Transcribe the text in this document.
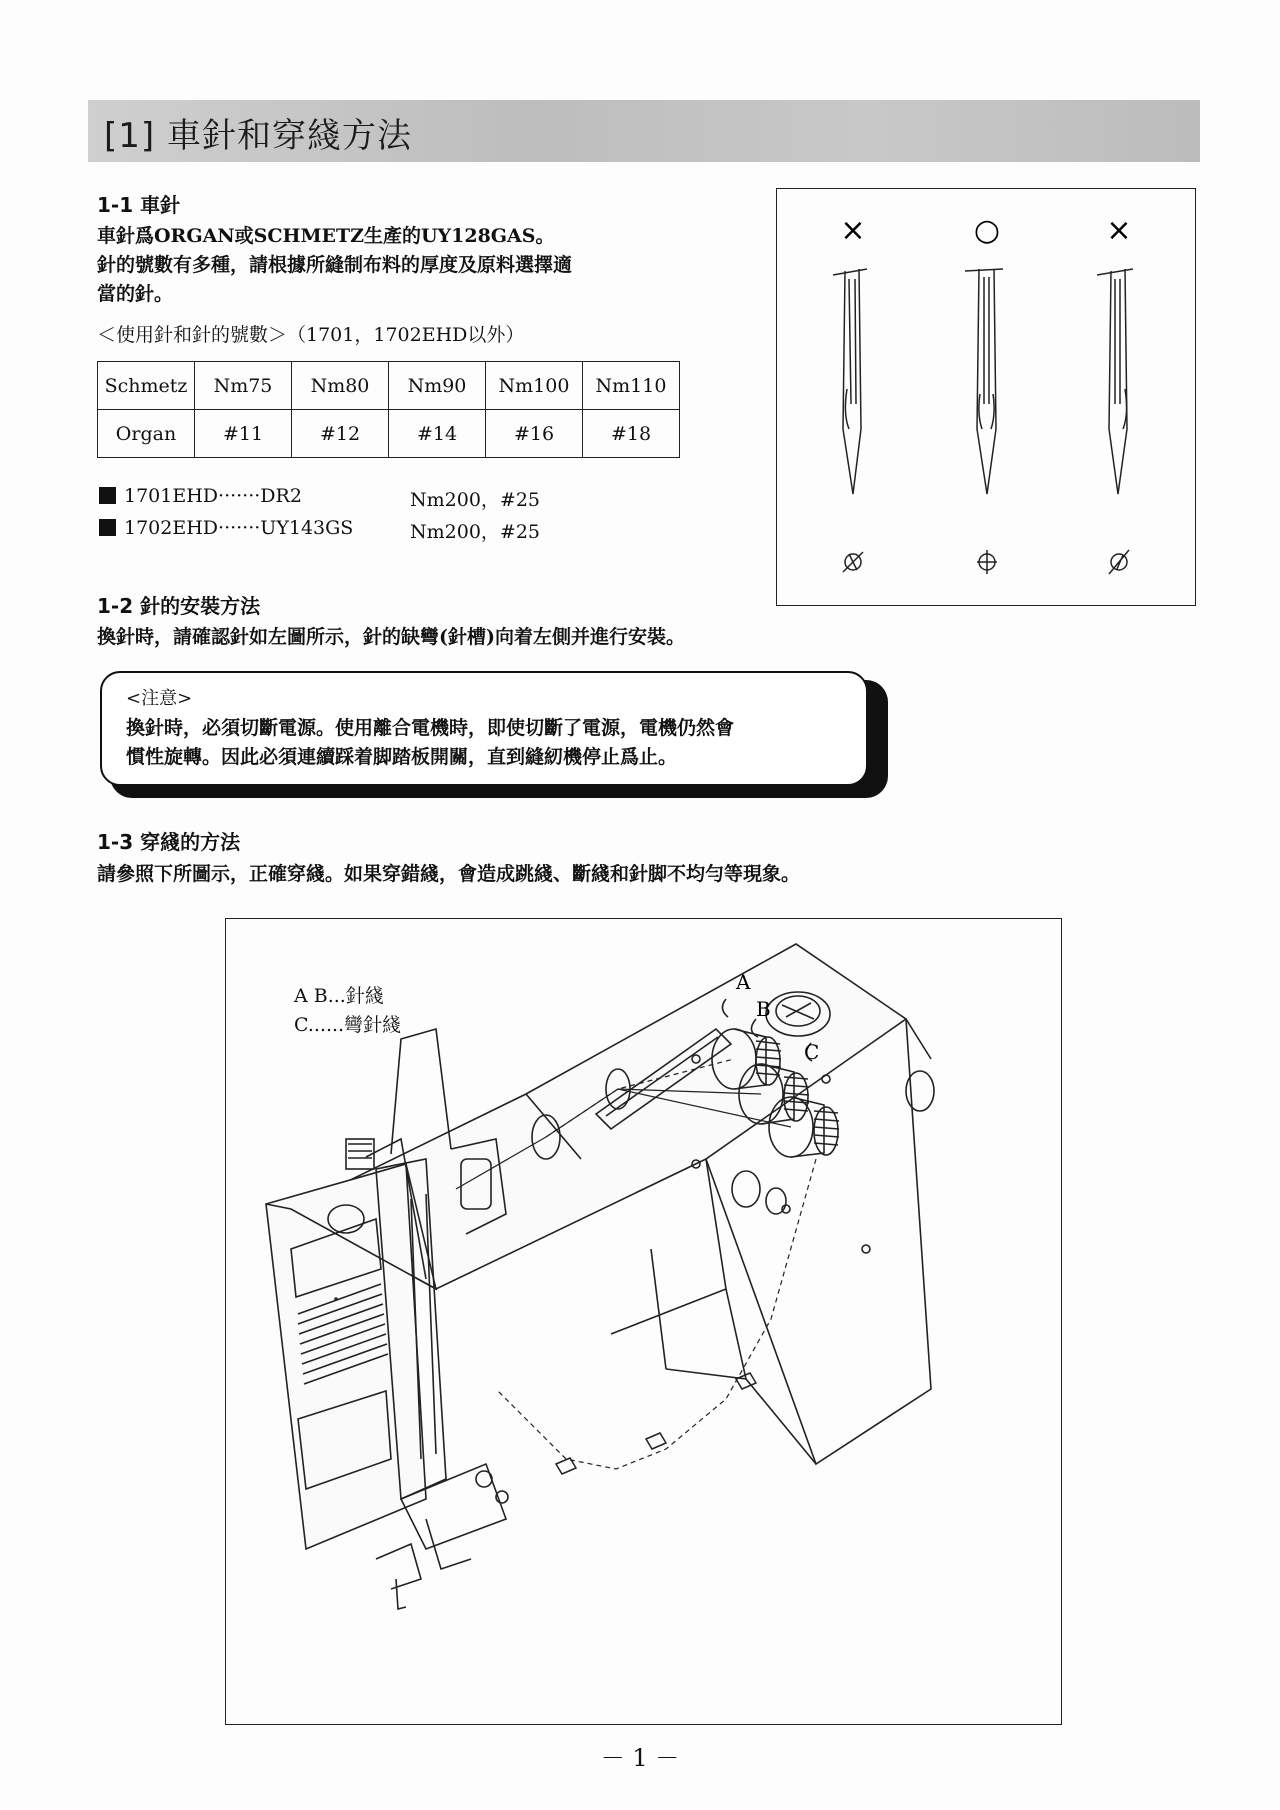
[1] 車針和穿綫方法
1-1 車針
車針爲ORGAN或SCHMETZ生產的UY128GAS。
針的號數有多種，請根據所縫制布料的厚度及原料選擇適
當的針。
＜使用針和針的號數＞（1701，1702EHD以外）
Schmetz	Nm75	Nm80	Nm90	Nm100	Nm110
Organ	#11	#12	#14	#16	#18
1701EHD·······DR2	Nm200，#25
1702EHD·······UY143GS	Nm200，#25
×	○	×
1-2 針的安裝方法
換針時，請確認針如左圖所示，針的缺彎(針槽)向着左側并進行安裝。
<注意>
換針時，必須切斷電源。使用離合電機時，即使切斷了電源，電機仍然會
慣性旋轉。因此必須連續踩着脚踏板開關，直到縫紉機停止爲止。
1-3 穿綫的方法
請參照下所圖示，正確穿綫。如果穿錯綫，會造成跳綫、斷綫和針脚不均勻等現象。
A B...針綫
C......彎針綫
A
B
C
－ 1 －
